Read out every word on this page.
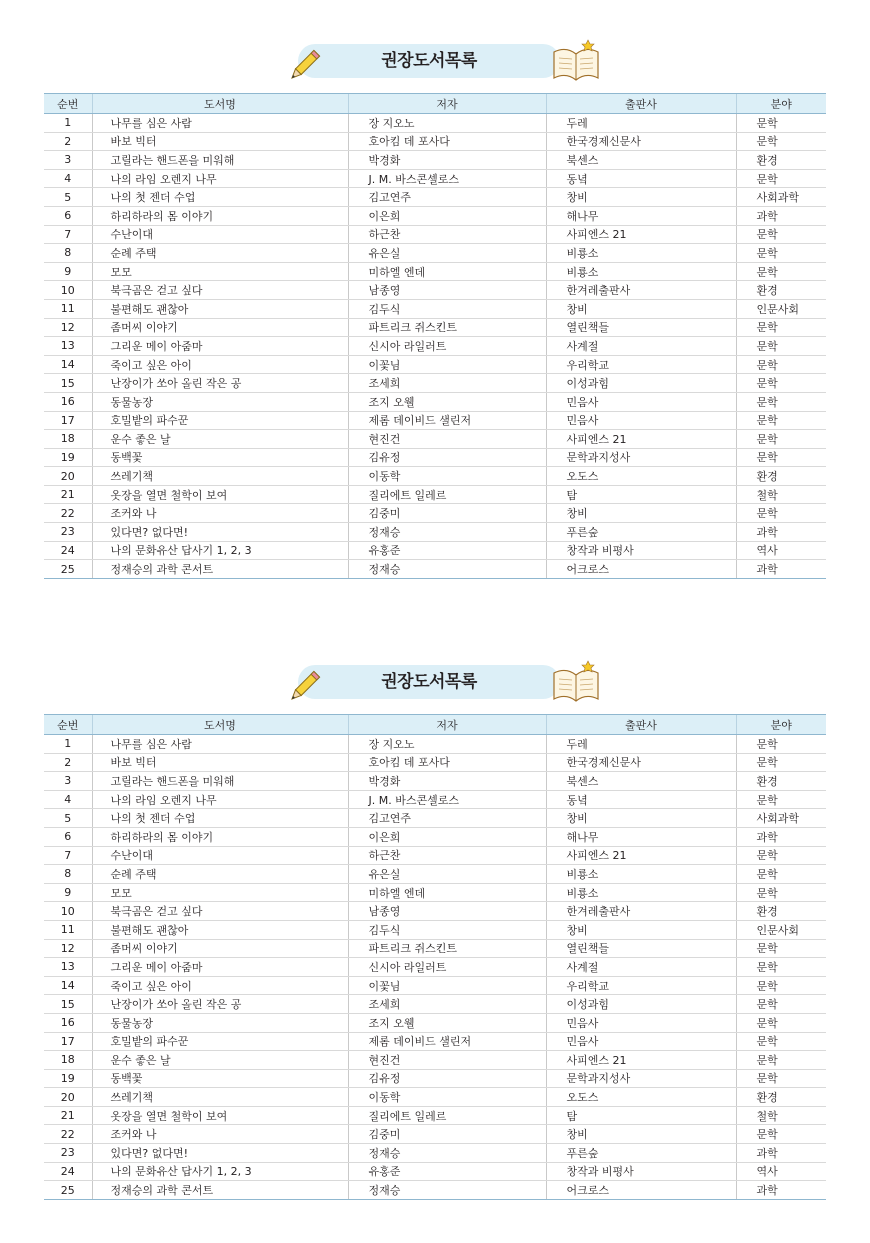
권장도서목록
순번	도서명	저자	출판사	분야
1	나무를 심은 사람	장 지오노	두레	문학
2	바보 빅터	호아킴 데 포사다	한국경제신문사	문학
3	고릴라는 핸드폰을 미워해	박경화	북센스	환경
4	나의 라임 오렌지 나무	J. M. 바스콘셀로스	동녘	문학
5	나의 첫 젠더 수업	김고연주	창비	사회과학
6	하리하라의 몸 이야기	이은희	해나무	과학
7	수난이대	하근찬	사피엔스 21	문학
8	순례 주택	유은실	비룡소	문학
9	모모	미하엘 엔데	비룡소	문학
10	북극곰은 걷고 싶다	남종영	한겨레출판사	환경
11	불편해도 괜찮아	김두식	창비	인문사회
12	좀머씨 이야기	파트리크 쥐스킨트	열린책들	문학
13	그리운 메이 아줌마	신시아 라일러트	사계절	문학
14	죽이고 싶은 아이	이꽃님	우리학교	문학
15	난장이가 쏘아 올린 작은 공	조세희	이성과힘	문학
16	동물농장	조지 오웰	민음사	문학
17	호밀밭의 파수꾼	제롬 데이비드 샐린저	민음사	문학
18	운수 좋은 날	현진건	사피엔스 21	문학
19	동백꽃	김유정	문학과지성사	문학
20	쓰레기책	이동학	오도스	환경
21	옷장을 열면 철학이 보여	질리에트 일레르	탐	철학
22	조커와 나	김중미	창비	문학
23	있다면? 없다면!	정재승	푸른숲	과학
24	나의 문화유산 답사기 1, 2, 3	유홍준	창작과 비평사	역사
25	정재승의 과학 콘서트	정재승	어크로스	과학
권장도서목록
순번	도서명	저자	출판사	분야
1	나무를 심은 사람	장 지오노	두레	문학
2	바보 빅터	호아킴 데 포사다	한국경제신문사	문학
3	고릴라는 핸드폰을 미워해	박경화	북센스	환경
4	나의 라임 오렌지 나무	J. M. 바스콘셀로스	동녘	문학
5	나의 첫 젠더 수업	김고연주	창비	사회과학
6	하리하라의 몸 이야기	이은희	해나무	과학
7	수난이대	하근찬	사피엔스 21	문학
8	순례 주택	유은실	비룡소	문학
9	모모	미하엘 엔데	비룡소	문학
10	북극곰은 걷고 싶다	남종영	한겨레출판사	환경
11	불편해도 괜찮아	김두식	창비	인문사회
12	좀머씨 이야기	파트리크 쥐스킨트	열린책들	문학
13	그리운 메이 아줌마	신시아 라일러트	사계절	문학
14	죽이고 싶은 아이	이꽃님	우리학교	문학
15	난장이가 쏘아 올린 작은 공	조세희	이성과힘	문학
16	동물농장	조지 오웰	민음사	문학
17	호밀밭의 파수꾼	제롬 데이비드 샐린저	민음사	문학
18	운수 좋은 날	현진건	사피엔스 21	문학
19	동백꽃	김유정	문학과지성사	문학
20	쓰레기책	이동학	오도스	환경
21	옷장을 열면 철학이 보여	질리에트 일레르	탐	철학
22	조커와 나	김중미	창비	문학
23	있다면? 없다면!	정재승	푸른숲	과학
24	나의 문화유산 답사기 1, 2, 3	유홍준	창작과 비평사	역사
25	정재승의 과학 콘서트	정재승	어크로스	과학
